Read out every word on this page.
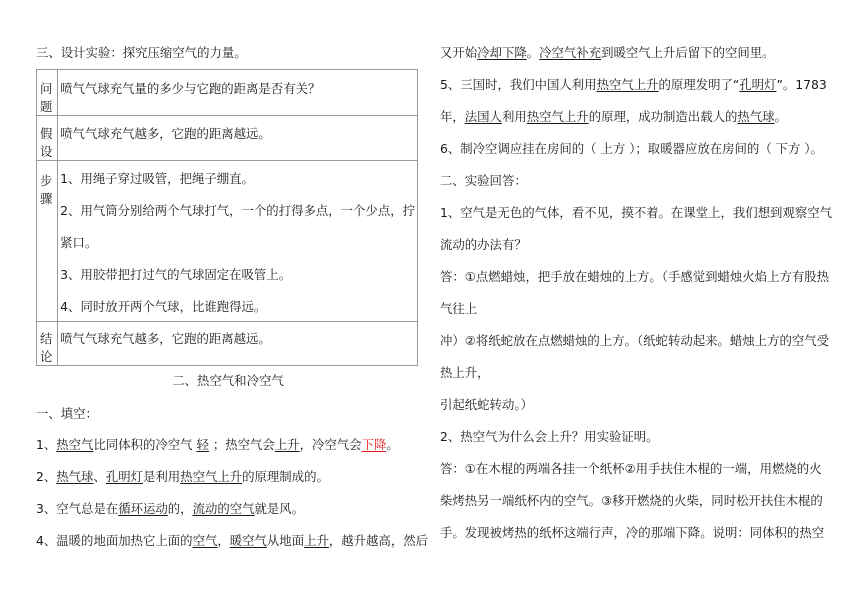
三、设计实验：探究压缩空气的力量。
问题	喷气气球充气量的多少与它跑的距离是否有关？
假设	喷气气球充气越多，它跑的距离越远。
步骤	1、用绳子穿过吸管，把绳子绷直。
2、用气筒分别给两个气球打气，一个的打得多点，一个少点，拧
紧口。
3、用胶带把打过气的气球固定在吸管上。
4、同时放开两个气球，比谁跑得远。

结论	喷气气球充气越多，它跑的距离越远。
二、热空气和冷空气
一、填空：
1、热空气比同体积的冷空气 轻 ；热空气会上升，冷空气会下降。
2、热气球、孔明灯是利用热空气上升的原理制成的。
3、空气总是在循环运动的，流动的空气就是风。
4、温暖的地面加热它上面的空气，暖空气从地面上升，越升越高，然后
又开始冷却下降。冷空气补充到暖空气上升后留下的空间里。
5、三国时，我们中国人利用热空气上升的原理发明了“孔明灯”。1783
年，法国人利用热空气上升的原理，成功制造出载人的热气球。
6、制冷空调应挂在房间的（ 上方 ）；取暖器应放在房间的（ 下方 ）。
二、实验回答：
1、空气是无色的气体，看不见，摸不着。在课堂上，我们想到观察空气
流动的办法有？
答：①点燃蜡烛，把手放在蜡烛的上方。（手感觉到蜡烛火焰上方有股热
气往上
冲）②将纸蛇放在点燃蜡烛的上方。（纸蛇转动起来。蜡烛上方的空气受
热上升，
引起纸蛇转动。）
2、热空气为什么会上升？用实验证明。
答：①在木棍的两端各挂一个纸杯②用手扶住木棍的一端，用燃烧的火
柴烤热另一端纸杯内的空气。③移开燃烧的火柴，同时松开扶住木棍的
手。发现被烤热的纸杯这端行声，冷的那端下降。说明：同体积的热空
